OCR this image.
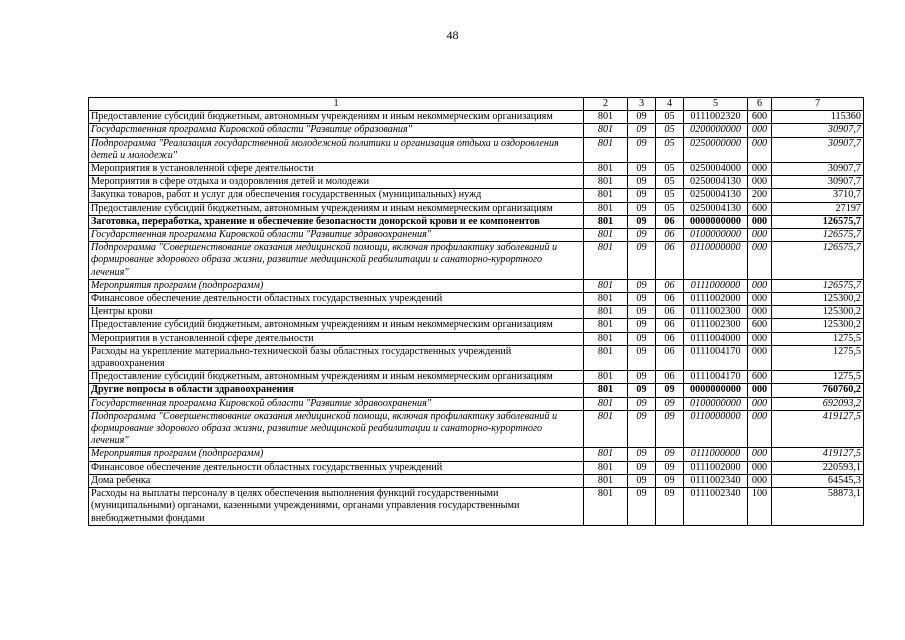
48
1	2	3	4	5	6	7
Предоставление субсидий бюджетным, автономным учреждениям и иным некоммерческим организациям	801	09	05	0111002320	600	115360
Государственная программа Кировской области "Развитие образования"	801	09	05	0200000000	000	30907,7
Подпрограмма "Реализация государственной молодежной политики и организация отдыха и оздоровления детей и молодежи"	801	09	05	0250000000	000	30907,7
Мероприятия в установленной сфере деятельности	801	09	05	0250004000	000	30907,7
Мероприятия в сфере отдыха и оздоровления детей и молодежи	801	09	05	0250004130	000	30907,7
Закупка товаров, работ и услуг для обеспечения государственных (муниципальных) нужд	801	09	05	0250004130	200	3710,7
Предоставление субсидий бюджетным, автономным учреждениям и иным некоммерческим организациям	801	09	05	0250004130	600	27197
Заготовка, переработка, хранение и обеспечение безопасности донорской крови и ее компонентов	801	09	06	0000000000	000	126575,7
Государственная программа Кировской области "Развитие здравоохранения"	801	09	06	0100000000	000	126575,7
Подпрограмма "Совершенствование оказания медицинской помощи, включая профилактику заболеваний и формирование здорового образа жизни, развитие медицинской реабилитации и санаторно-курортного лечения"	801	09	06	0110000000	000	126575,7
Мероприятия программ (подпрограмм)	801	09	06	0111000000	000	126575,7
Финансовое обеспечение деятельности областных государственных учреждений	801	09	06	0111002000	000	125300,2
Центры крови	801	09	06	0111002300	000	125300,2
Предоставление субсидий бюджетным, автономным учреждениям и иным некоммерческим организациям	801	09	06	0111002300	600	125300,2
Мероприятия в установленной сфере деятельности	801	09	06	0111004000	000	1275,5
Расходы на укрепление материально-технической базы областных государственных учреждений здравоохранения	801	09	06	0111004170	000	1275,5
Предоставление субсидий бюджетным, автономным учреждениям и иным некоммерческим организациям	801	09	06	0111004170	600	1275,5
Другие вопросы в области здравоохранения	801	09	09	0000000000	000	760760,2
Государственная программа Кировской области "Развитие здравоохранения"	801	09	09	0100000000	000	692093,2
Подпрограмма "Совершенствование оказания медицинской помощи, включая профилактику заболеваний и формирование здорового образа жизни, развитие медицинской реабилитации и санаторно-курортного лечения"	801	09	09	0110000000	000	419127,5
Мероприятия программ (подпрограмм)	801	09	09	0111000000	000	419127,5
Финансовое обеспечение деятельности областных государственных учреждений	801	09	09	0111002000	000	220593,1
Дома ребенка	801	09	09	0111002340	000	64545,3
Расходы на выплаты персоналу в целях обеспечения выполнения функций государственными (муниципальными) органами, казенными учреждениями, органами управления государственными внебюджетными фондами	801	09	09	0111002340	100	58873,1
